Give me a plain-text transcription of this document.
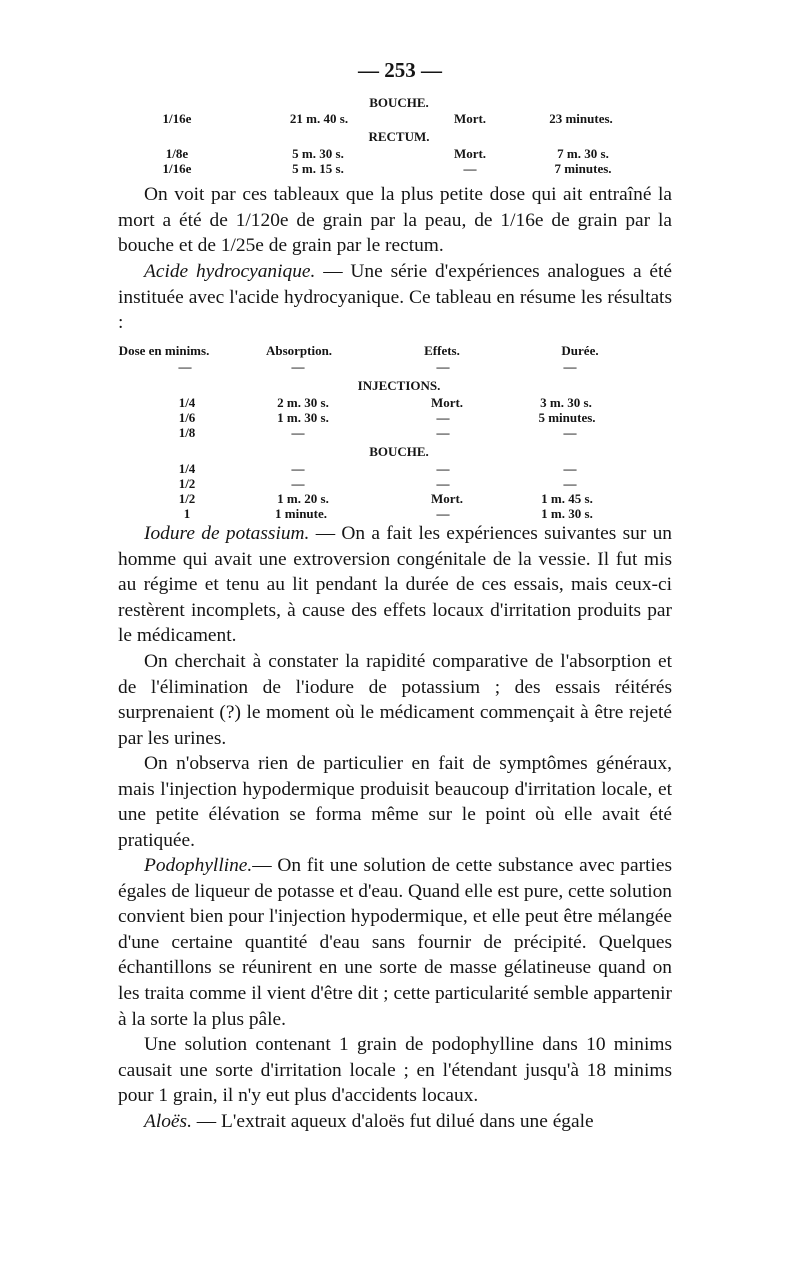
— 253 —
BOUCHE.
1/16e	21 m. 40 s.	Mort.	23 minutes.
RECTUM.
1/8e	5 m. 30 s.	Mort.	7 m. 30 s.
1/16e	5 m. 15 s.	—	7 minutes.

On voit par ces tableaux que la plus petite dose qui ait entraîné la mort a été de 1/120e de grain par la peau, de 1/16e de grain par la bouche et de 1/25e de grain par le rectum.

Acide hydrocyanique. — Une série d'expériences analogues a été instituée avec l'acide hydrocyanique. Ce tableau en résume les résultats :

Dose en minims.	Absorption.	Effets.	Durée.
—	—	—	—
INJECTIONS.
1/4	2 m. 30 s.	Mort.	3 m. 30 s.
1/6	1 m. 30 s.	—	5 minutes.
1/8	—	—	—
BOUCHE.
1/4	—	—	—
1/2	—	—	—
1/2	1 m. 20 s.	Mort.	1 m. 45 s.
1	1 minute.	—	1 m. 30 s.

Iodure de potassium. — On a fait les expériences suivantes sur un homme qui avait une extroversion congénitale de la vessie. Il fut mis au régime et tenu au lit pendant la durée de ces essais, mais ceux-ci restèrent incomplets, à cause des effets locaux d'irritation produits par le médicament.

On cherchait à constater la rapidité comparative de l'absorption et de l'élimination de l'iodure de potassium ; des essais réitérés surprenaient (?) le moment où le médicament commençait à être rejeté par les urines.

On n'observa rien de particulier en fait de symptômes généraux, mais l'injection hypodermique produisit beaucoup d'irritation locale, et une petite élévation se forma même sur le point où elle avait été pratiquée.

Podophylline.— On fit une solution de cette substance avec parties égales de liqueur de potasse et d'eau. Quand elle est pure, cette solution convient bien pour l'injection hypodermique, et elle peut être mélangée d'une certaine quantité d'eau sans fournir de précipité. Quelques échantillons se réunirent en une sorte de masse gélatineuse quand on les traita comme il vient d'être dit ; cette particularité semble appartenir à la sorte la plus pâle.

Une solution contenant 1 grain de podophylline dans 10 minims causait une sorte d'irritation locale ; en l'étendant jusqu'à 18 minims pour 1 grain, il n'y eut plus d'accidents locaux.

Aloës. — L'extrait aqueux d'aloës fut dilué dans une égale
